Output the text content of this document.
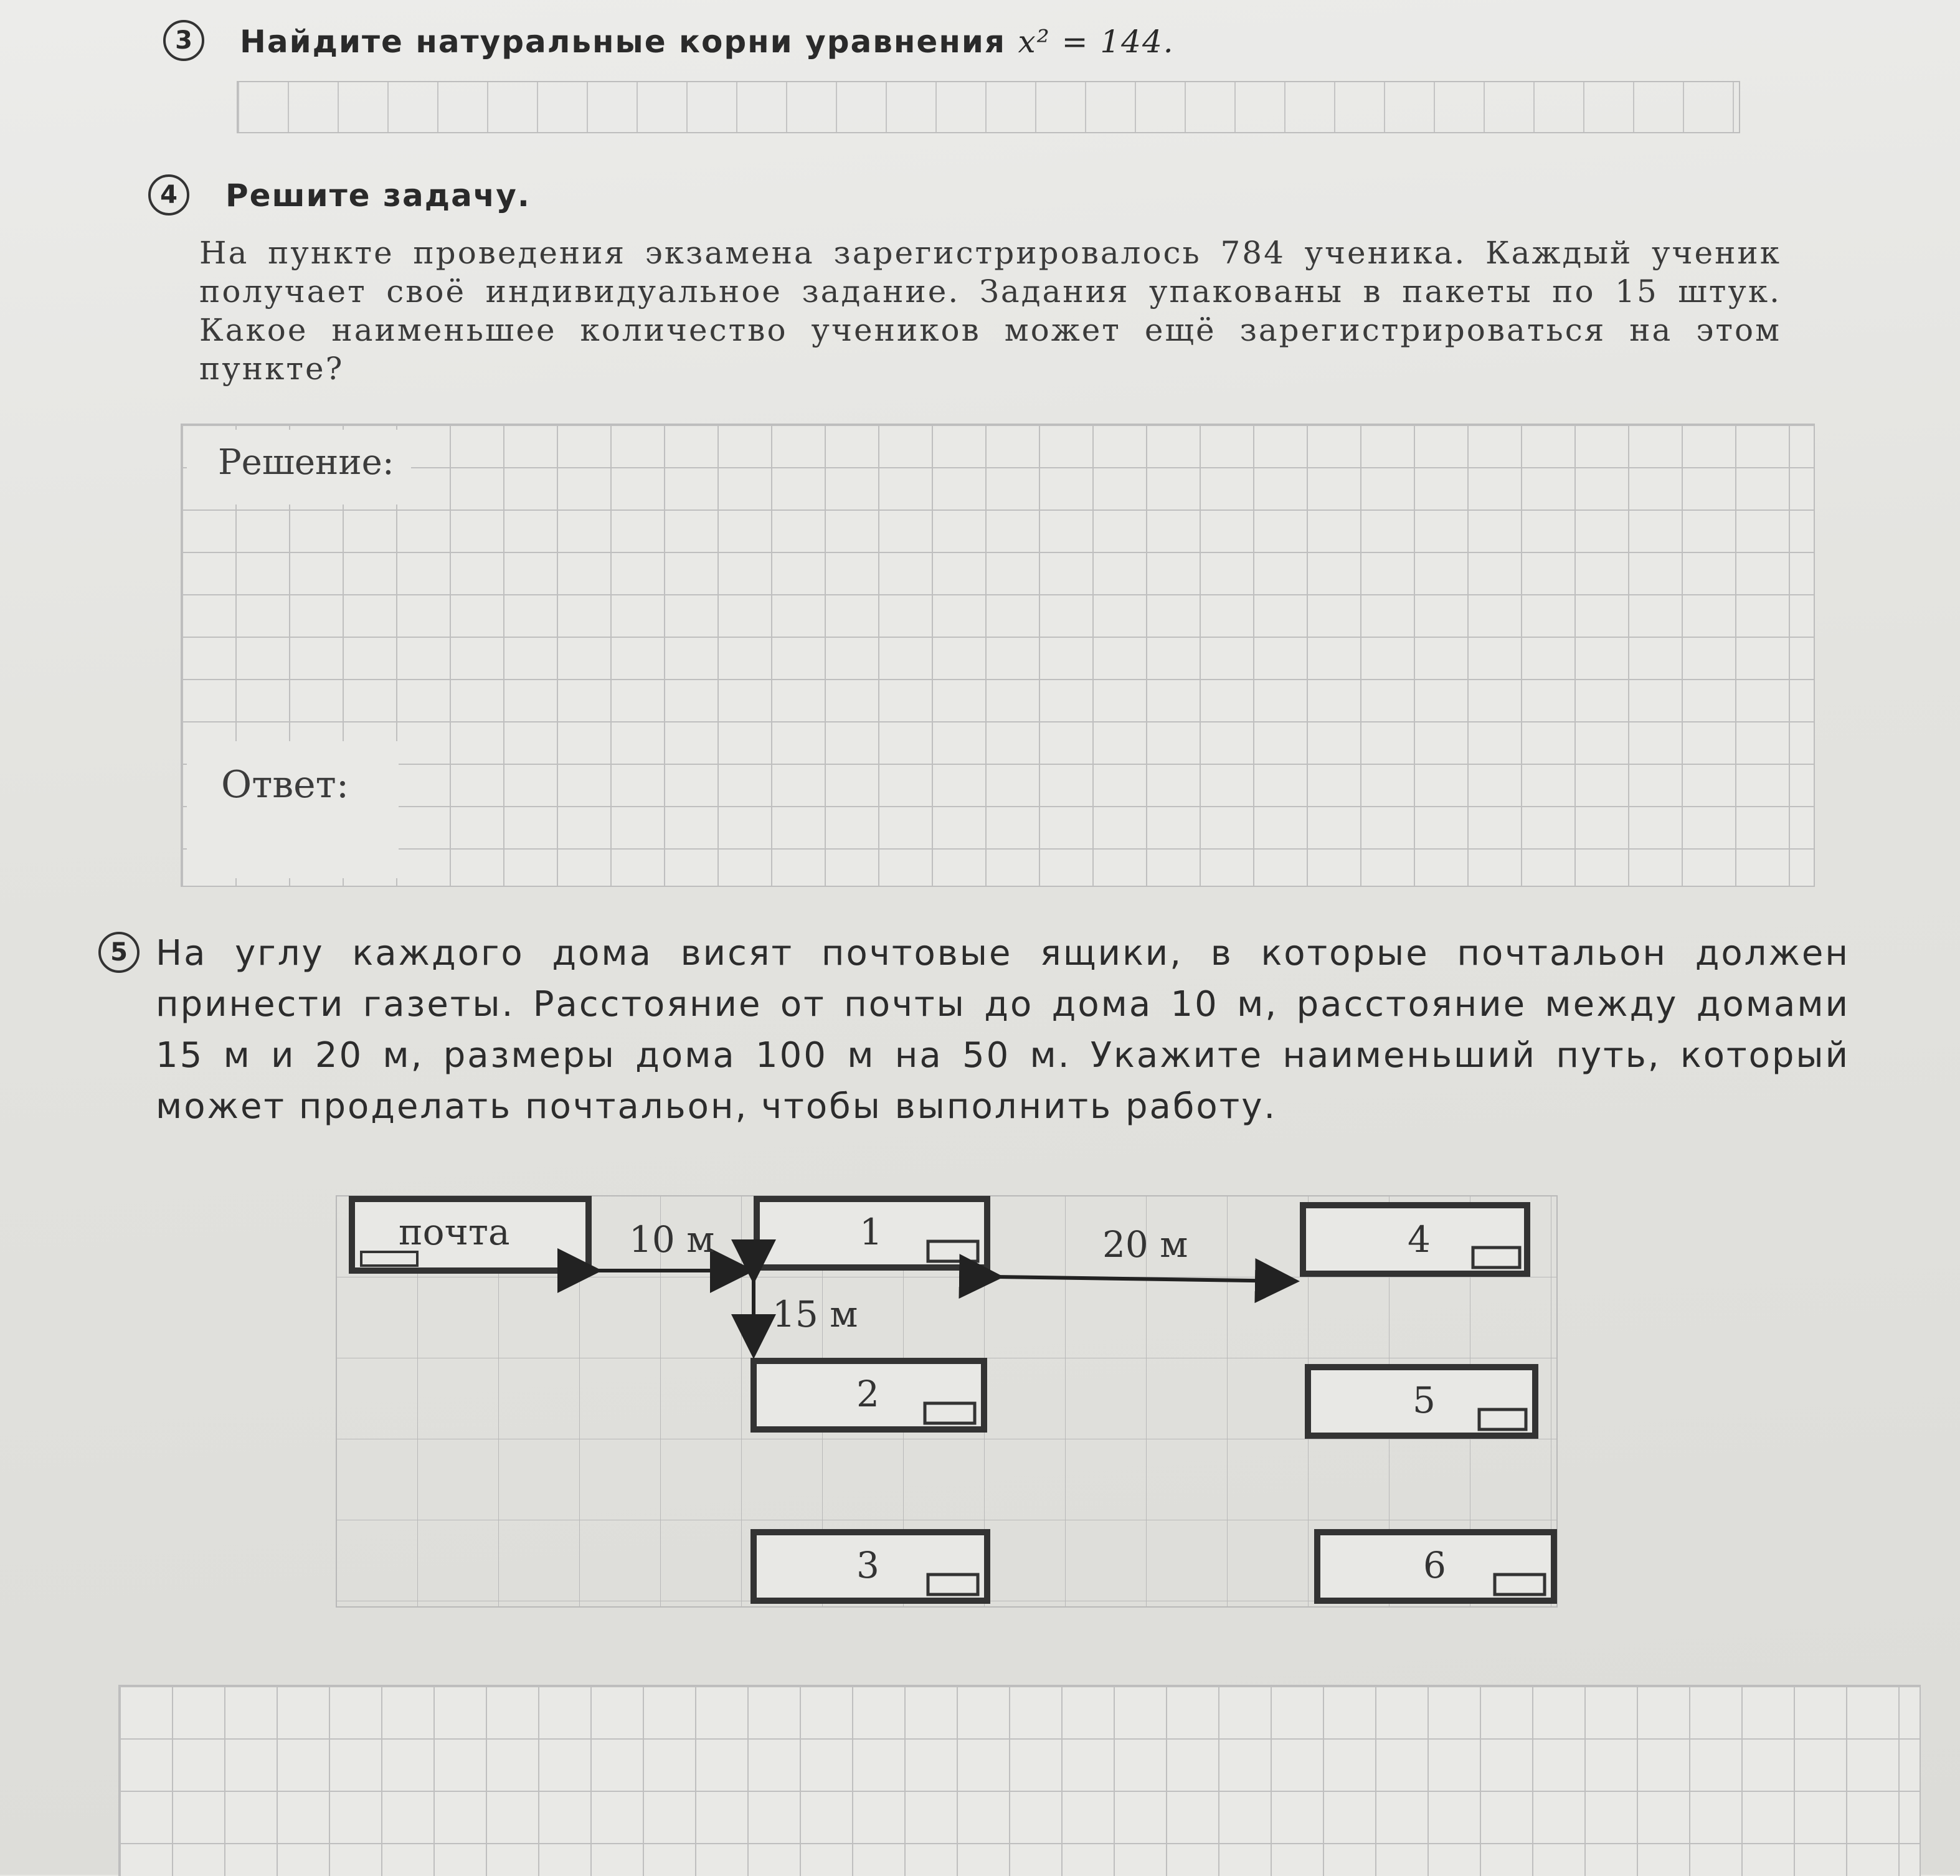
3	Найдите натуральные корни уравнения x² = 144.
4	Решите задачу.
На пункте проведения экзамена зарегистрировалось 784 ученика. Каждый ученик получает своё индивидуальное задание. Задания упакованы в пакеты по 15 штук. Какое наименьшее количество учеников может ещё зарегистрироваться на этом пункте?
Решение:
Ответ:
5 На углу каждого дома висят почтовые ящики, в которые почтальон должен принести газеты. Расстояние от почты до дома 10 м, расстояние между домами 15 м и 20 м, размеры дома 100 м на 50 м. Укажите наименьший путь, который может проделать почтальон, чтобы выполнить работу.
почта	10 м
15 м
20 м
1
2
3
4
5
6
